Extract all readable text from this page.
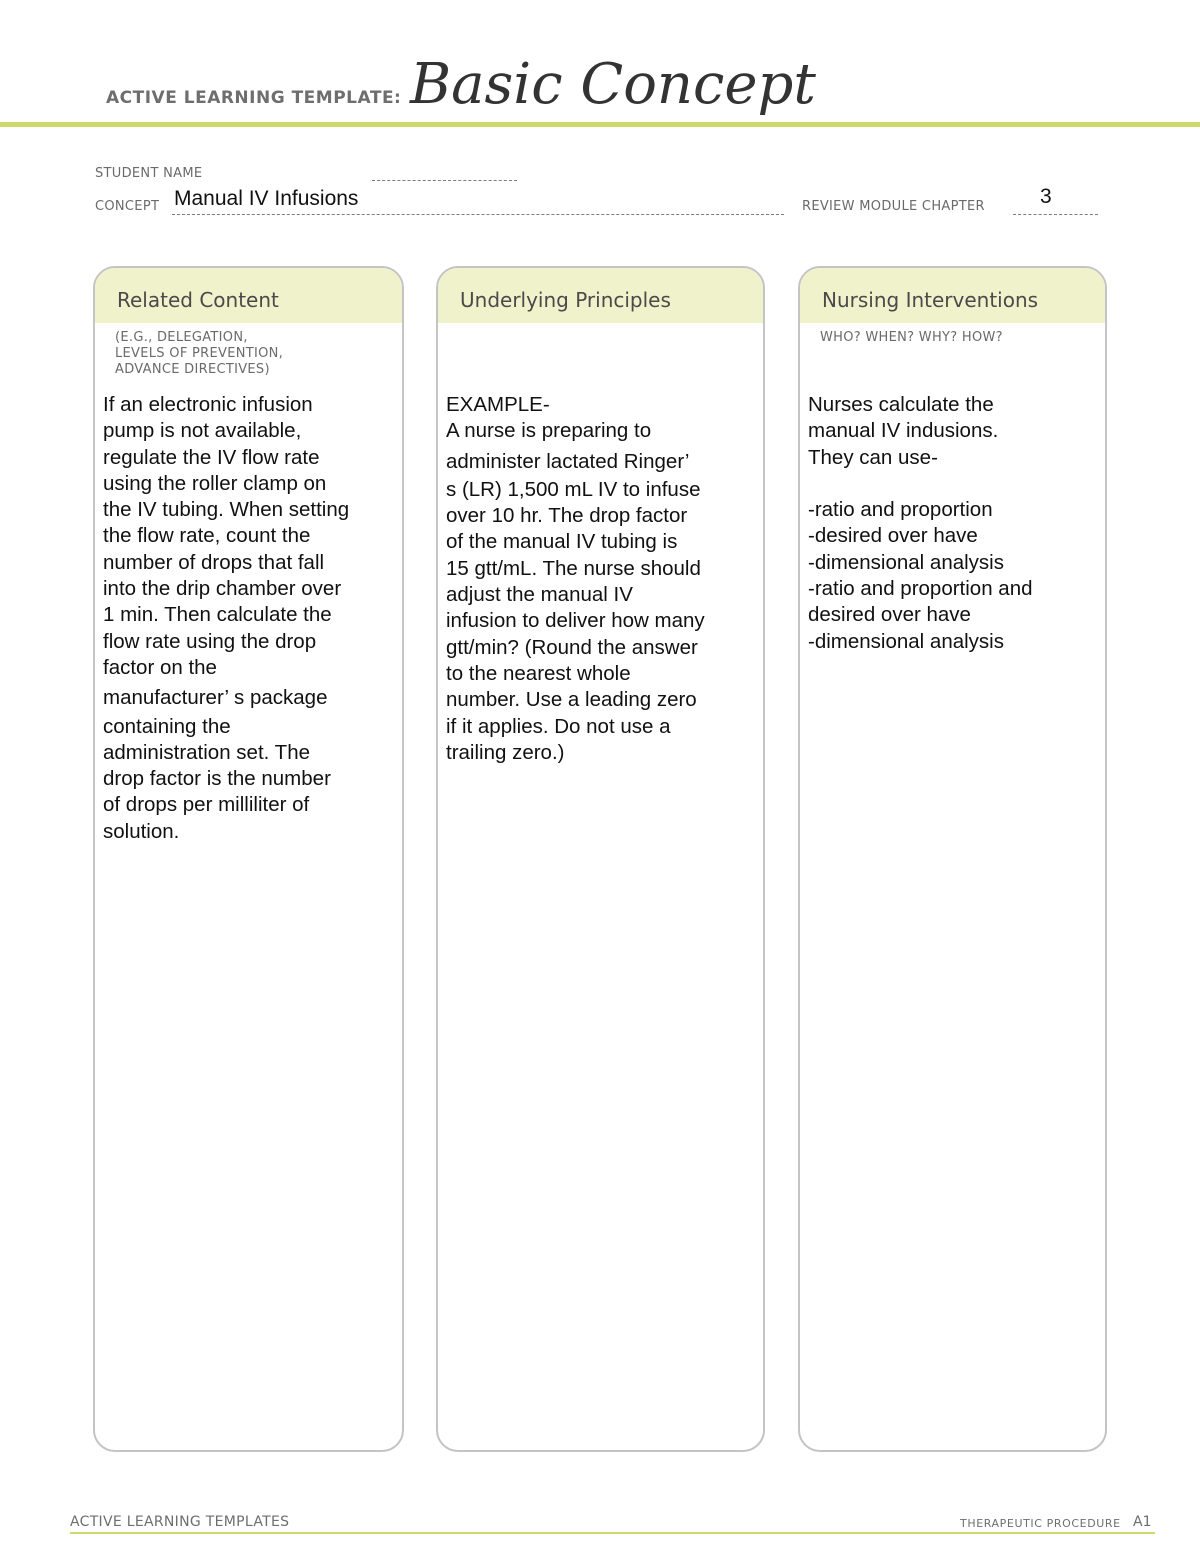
ACTIVE LEARNING TEMPLATE: Basic Concept
STUDENT NAME
CONCEPT Manual IV Infusions	REVIEW MODULE CHAPTER	3
Related Content
(E.G., DELEGATION,
LEVELS OF PREVENTION,
ADVANCE DIRECTIVES)
If an electronic infusion
pump is not available,
regulate the IV flow rate
using the roller clamp on
the IV tubing. When setting
the flow rate, count the
number of drops that fall
into the drip chamber over
1 min. Then calculate the
flow rate using the drop
factor on the
manufacturer’ s package
containing the
administration set. The
drop factor is the number
of drops per milliliter of
solution.
Underlying Principles
EXAMPLE-
A nurse is preparing to
administer lactated Ringer’
s (LR) 1,500 mL IV to infuse
over 10 hr. The drop factor
of the manual IV tubing is
15 gtt/mL. The nurse should
adjust the manual IV
infusion to deliver how many
gtt/min? (Round the answer
to the nearest whole
number. Use a leading zero
if it applies. Do not use a
trailing zero.)
Nursing Interventions
WHO? WHEN? WHY? HOW?
Nurses calculate the
manual IV indusions.
They can use-
-ratio and proportion
-desired over have
-dimensional analysis
-ratio and proportion and
desired over have
-dimensional analysis
ACTIVE LEARNING TEMPLATES	THERAPEUTIC PROCEDURE A1
